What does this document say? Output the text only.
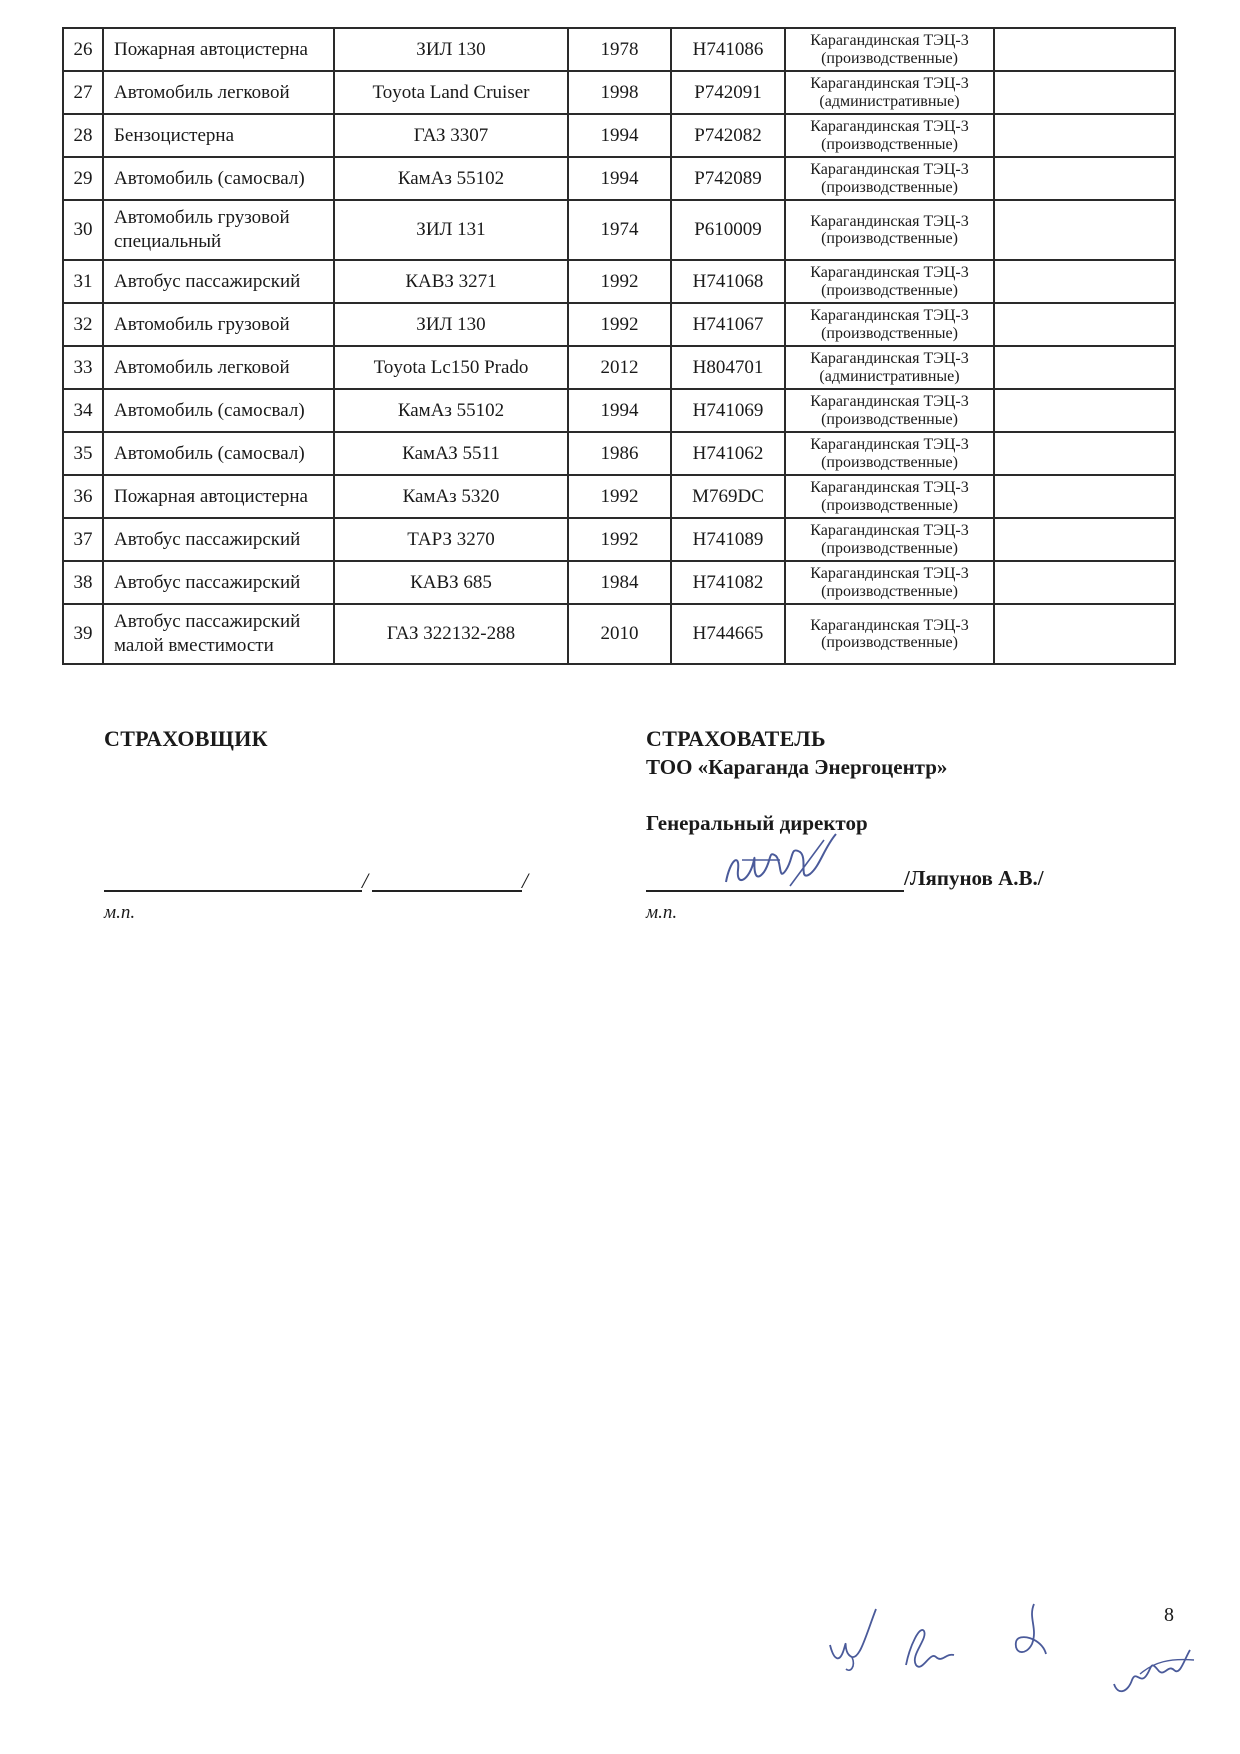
26	Пожарная автоцистерна	ЗИЛ 130	1978	H741086	Карагандинская ТЭЦ-3
(производственные)	

27	Автомобиль легковой	Toyota Land Cruiser	1998	P742091	Карагандинская ТЭЦ-3
(административные)	

28	Бензоцистерна	ГАЗ 3307	1994	P742082	Карагандинская ТЭЦ-3
(производственные)	

29	Автомобиль (самосвал)	КамАз 55102	1994	P742089	Карагандинская ТЭЦ-3
(производственные)	

30	Автомобиль грузовой специальный	ЗИЛ 131	1974	P610009	Карагандинская ТЭЦ-3
(производственные)	

31	Автобус пассажирский	КАВЗ 3271	1992	H741068	Карагандинская ТЭЦ-3
(производственные)	

32	Автомобиль грузовой	ЗИЛ 130	1992	H741067	Карагандинская ТЭЦ-3
(производственные)	

33	Автомобиль легковой	Toyota Lc150 Prado	2012	H804701	Карагандинская ТЭЦ-3
(административные)	

34	Автомобиль (самосвал)	КамАз 55102	1994	H741069	Карагандинская ТЭЦ-3
(производственные)	

35	Автомобиль (самосвал)	КамАЗ 5511	1986	H741062	Карагандинская ТЭЦ-3
(производственные)	

36	Пожарная автоцистерна	КамАз 5320	1992	M769DC	Карагандинская ТЭЦ-3
(производственные)	

37	Автобус пассажирский	ТАРЗ 3270	1992	H741089	Карагандинская ТЭЦ-3
(производственные)	

38	Автобус пассажирский	КАВЗ 685	1984	H741082	Карагандинская ТЭЦ-3
(производственные)	

39	Автобус пассажирский малой вместимости	ГАЗ 322132-288	2010	H744665	Карагандинская ТЭЦ-3
(производственные)	

СТРАХОВЩИК
/	/
м.п.
СТРАХОВАТЕЛЬ
ТОО «Караганда Энергоцентр»
Генеральный директор
/Ляпунов А.В./
м.п.
8
